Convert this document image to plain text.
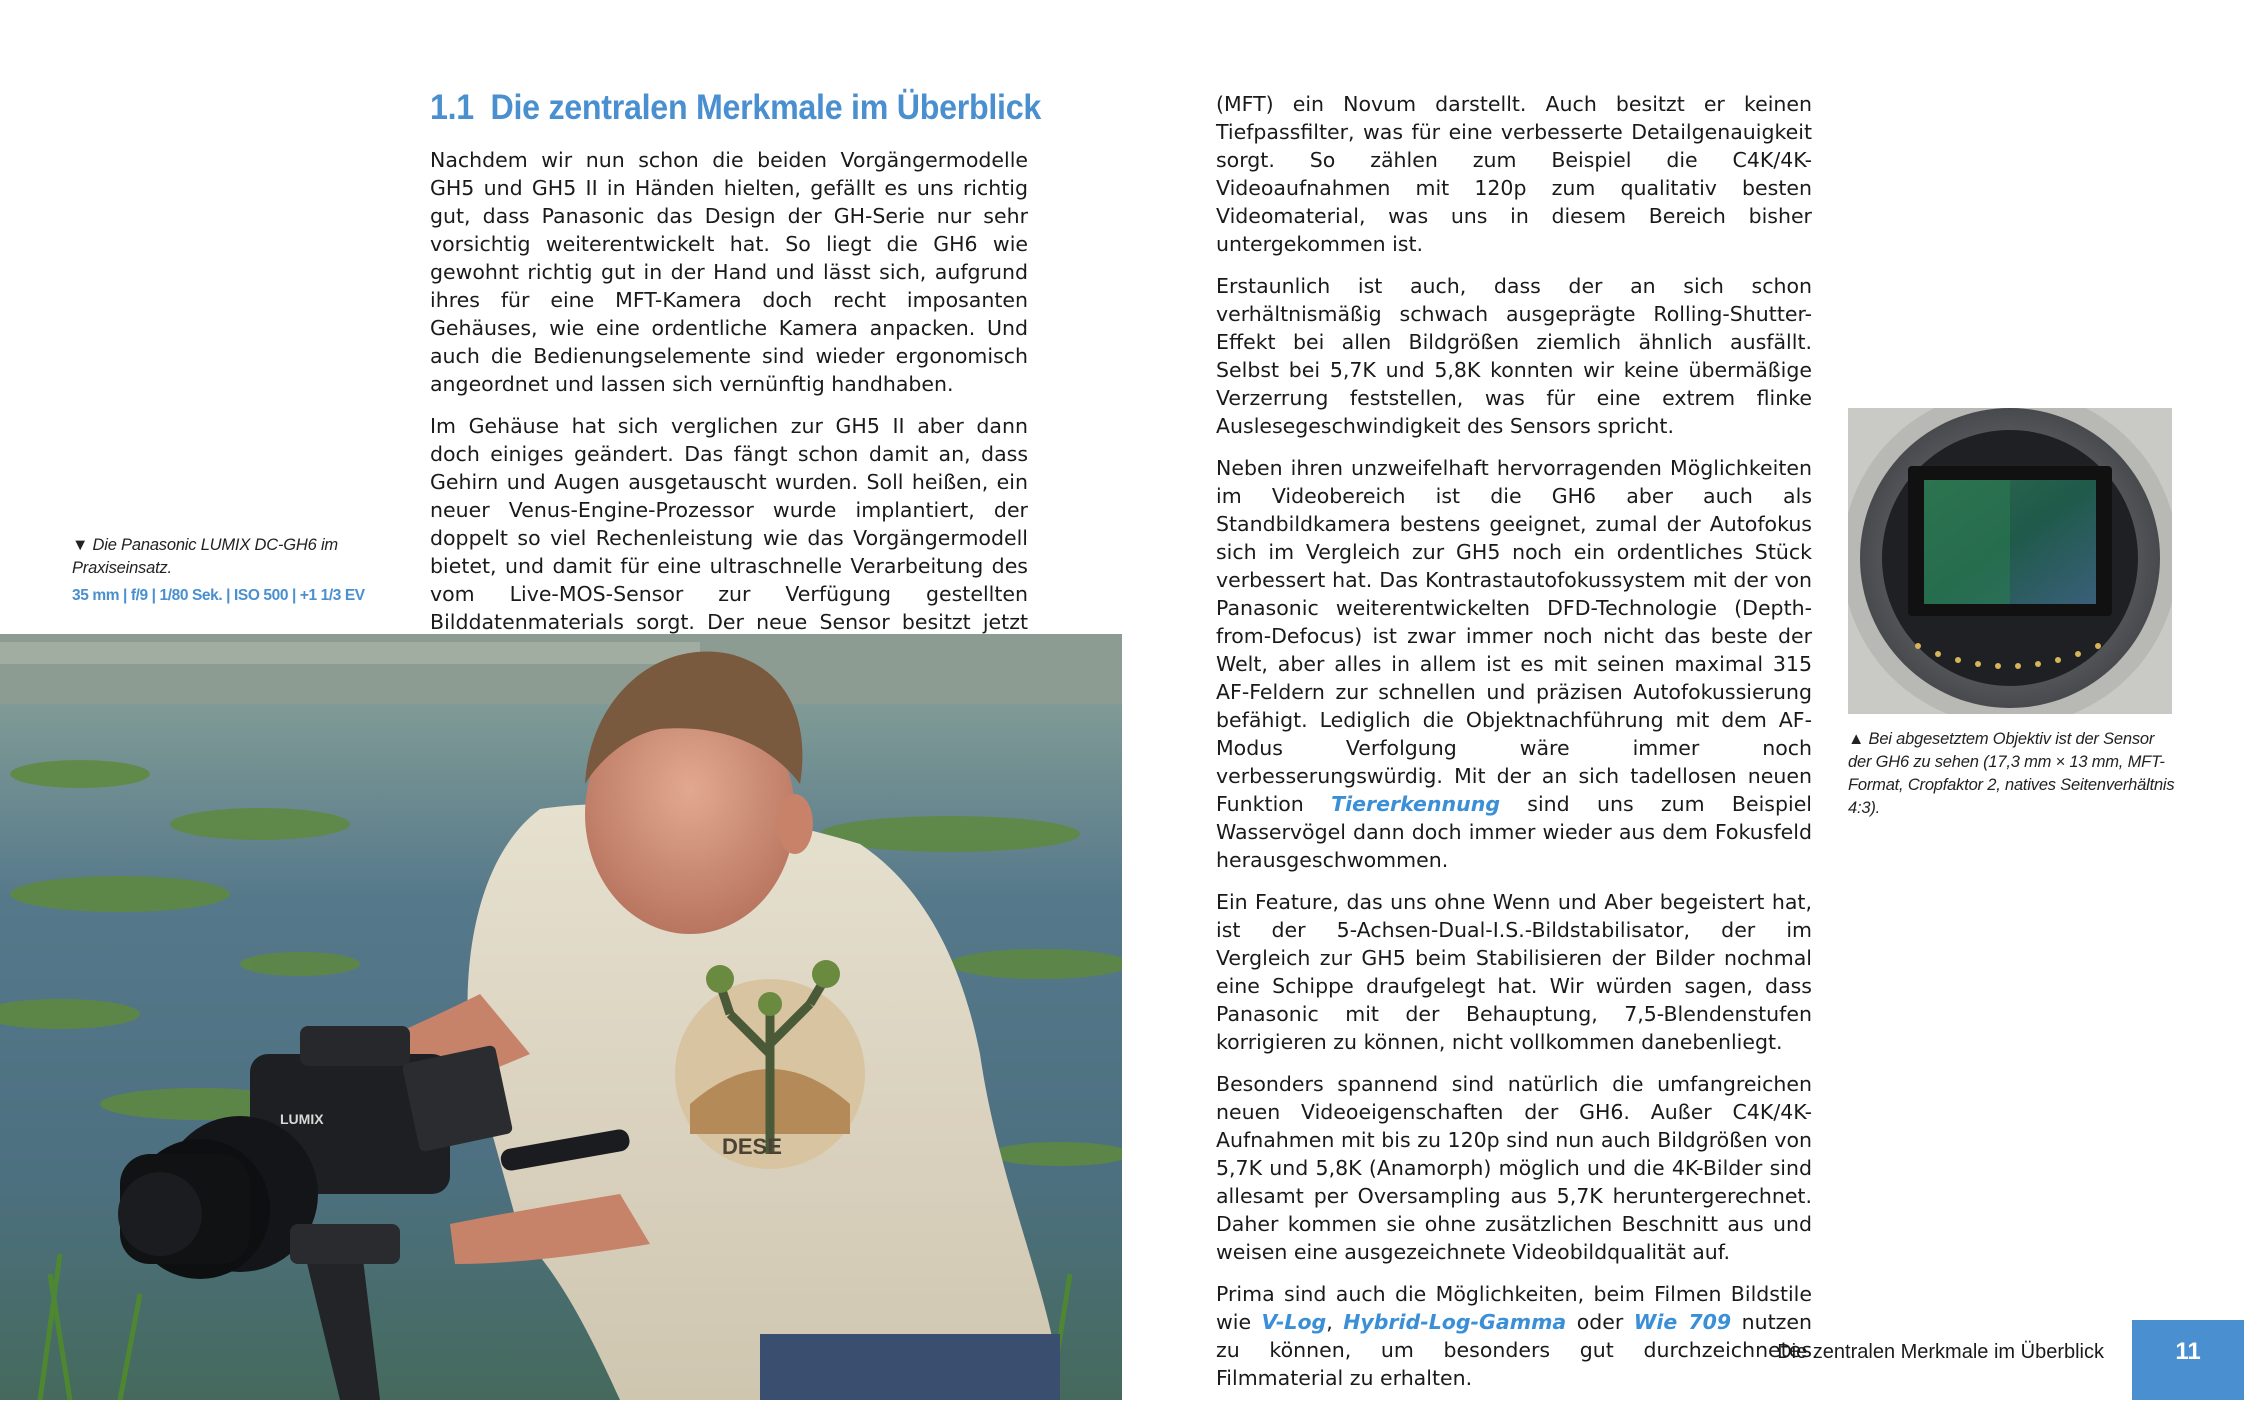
1.1 Die zentralen Merkmale im Überblick

Nachdem wir nun schon die beiden Vorgängermodelle GH5 und GH5 II in Händen hielten, gefällt es uns richtig gut, dass Panasonic das Design der GH-Serie nur sehr vorsichtig weiterentwickelt hat. So liegt die GH6 wie gewohnt richtig gut in der Hand und lässt sich, aufgrund ihres für eine MFT-Kamera doch recht imposanten Gehäuses, wie eine ordentliche Kamera anpacken. Und auch die Bedienungselemente sind wieder ergonomisch angeordnet und lassen sich vernünftig handhaben.

Im Gehäuse hat sich verglichen zur GH5 II aber dann doch einiges geändert. Das fängt schon damit an, dass Gehirn und Augen ausgetauscht wurden. Soll heißen, ein neuer Venus-Engine-Prozessor wurde implantiert, der doppelt so viel Rechenleistung wie das Vorgängermodell bietet, und damit für eine ultraschnelle Verarbeitung des vom Live-MOS-Sensor zur Verfügung gestellten Bilddatenmaterials sorgt. Der neue Sensor besitzt jetzt

▼ Die Panasonic LUMIX DC-GH6 im Praxiseinsatz.
35 mm | f/9 | 1/80 Sek. | ISO 500 | +1 1/3 EV
DESE
LUMIX

(MFT) ein Novum darstellt. Auch besitzt er keinen Tiefpassfilter, was für eine verbesserte Detailgenauigkeit sorgt. So zählen zum Beispiel die C4K/4K-Videoaufnahmen mit 120p zum qualitativ besten Videomaterial, was uns in diesem Bereich bisher untergekommen ist.

Erstaunlich ist auch, dass der an sich schon verhältnismäßig schwach ausgeprägte Rolling-Shutter-Effekt bei allen Bildgrößen ziemlich ähnlich ausfällt. Selbst bei 5,7K und 5,8K konnten wir keine übermäßige Verzerrung feststellen, was für eine extrem flinke Auslesegeschwindigkeit des Sensors spricht.

Neben ihren unzweifelhaft hervorragenden Möglichkeiten im Videobereich ist die GH6 aber auch als Standbildkamera bestens geeignet, zumal der Autofokus sich im Vergleich zur GH5 noch ein ordentliches Stück verbessert hat. Das Kontrastautofokussystem mit der von Panasonic weiterentwickelten DFD-Technologie (Depth-from-Defocus) ist zwar immer noch nicht das beste der Welt, aber alles in allem ist es mit seinen maximal 315 AF-Feldern zur schnellen und präzisen Autofokussierung befähigt. Lediglich die Objektnachführung mit dem AF-Modus Verfolgung wäre immer noch verbesserungswürdig. Mit der an sich tadellosen neuen Funktion Tiererkennung sind uns zum Beispiel Wasservögel dann doch immer wieder aus dem Fokusfeld herausgeschwommen.

Ein Feature, das uns ohne Wenn und Aber begeistert hat, ist der 5-Achsen-Dual-I.S.-Bildstabilisator, der im Vergleich zur GH5 beim Stabilisieren der Bilder nochmal eine Schippe draufgelegt hat. Wir würden sagen, dass Panasonic mit der Behauptung, 7,5-Blendenstufen korrigieren zu können, nicht vollkommen danebenliegt.

Besonders spannend sind natürlich die umfangreichen neuen Videoeigenschaften der GH6. Außer C4K/4K-Aufnahmen mit bis zu 120p sind nun auch Bildgrößen von 5,7K und 5,8K (Anamorph) möglich und die 4K-Bilder sind allesamt per Oversampling aus 5,7K heruntergerechnet. Daher kommen sie ohne zusätzlichen Beschnitt aus und weisen eine ausgezeichnete Videobildqualität auf.

Prima sind auch die Möglichkeiten, beim Filmen Bildstile wie V-Log, Hybrid-Log-Gamma oder Wie 709 nutzen zu können, um besonders gut durchzeichnetes Filmmaterial zu erhalten.

▲ Bei abgesetztem Objektiv ist der Sensor der GH6 zu sehen (17,3 mm × 13 mm, MFT-Format, Cropfaktor 2, natives Seitenverhältnis 4:3).
Die zentralen Merkmale im Überblick	11
